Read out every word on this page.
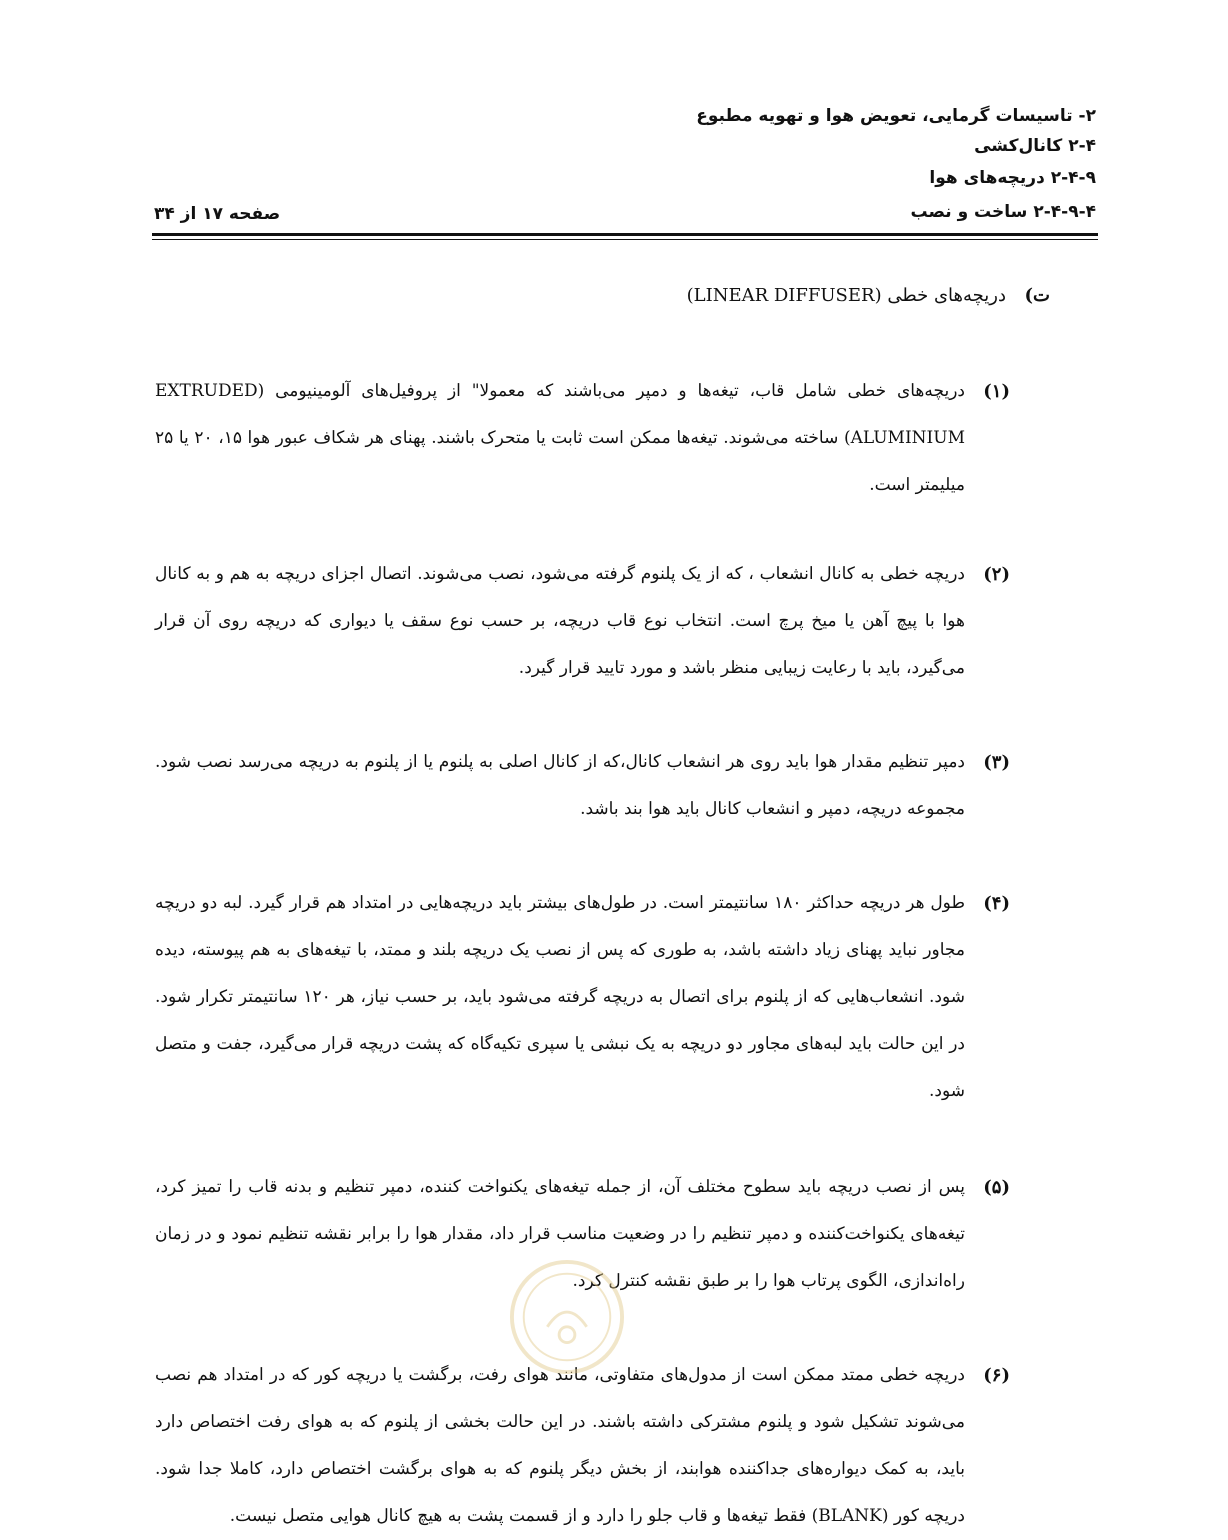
۲- تاسیسات گرمایی، تعویض هوا و تهویه مطبوع
۲-۴ کانال‌کشی
۲-۴-۹ دریچه‌های هوا
۲-۴-۹-۴ ساخت و نصب
صفحه ۱۷ از ۳۴
ت)
دریچه‌های خطی (LINEAR DIFFUSER)
(۱)

دریچه‌های خطی شامل قاب، تیغه‌ها و دمپر می‌باشند که معمولا" از پروفیل‌های آلومینیومی (EXTRUDED ALUMINIUM) ساخته می‌شوند. تیغه‌ها ممکن است ثابت یا متحرک باشند. پهنای هر شکاف عبور هوا ۱۵، ۲۰ یا ۲۵ میلیمتر است.

(۲)

دریچه خطی به کانال انشعاب ، که از یک پلنوم گرفته می‌شود، نصب می‌شوند. اتصال اجزای دریچه به هم و به کانال هوا با پیچ آهن یا میخ پرچ است. انتخاب نوع قاب دریچه، بر حسب نوع سقف یا دیواری که دریچه روی آن قرار می‌گیرد، باید با رعایت زیبایی منظر باشد و مورد تایید قرار گیرد.

(۳)

دمپر تنظیم مقدار هوا باید روی هر انشعاب کانال،که از کانال اصلی به پلنوم یا از پلنوم به دریچه می‌رسد نصب شود. مجموعه دریچه، دمپر و انشعاب کانال باید هوا بند باشد.

(۴)

طول هر دریچه حداکثر ۱۸۰ سانتیمتر است. در طول‌های بیشتر باید دریچه‌هایی در امتداد هم قرار گیرد. لبه دو دریچه مجاور نباید پهنای زیاد داشته باشد، به طوری که پس از نصب یک دریچه بلند و ممتد، با تیغه‌های به هم پیوسته، دیده شود. انشعاب‌هایی که از پلنوم برای اتصال به دریچه گرفته می‌شود باید، بر حسب نیاز، هر ۱۲۰ سانتیمتر تکرار شود. در این حالت باید لبه‌های مجاور دو دریچه به یک نبشی یا سپری تکیه‌گاه که پشت دریچه قرار می‌گیرد، جفت و متصل شود.

(۵)

پس از نصب دریچه باید سطوح مختلف آن، از جمله تیغه‌های یکنواخت کننده، دمپر تنظیم و بدنه قاب را تمیز کرد، تیغه‌های یکنواخت‌کننده و دمپر تنظیم را در وضعیت مناسب قرار داد، مقدار هوا را برابر نقشه تنظیم نمود و در زمان راه‌اندازی، الگوی پرتاب هوا را بر طبق نقشه کنترل کرد.

(۶)

دریچه خطی ممتد ممکن است از مدول‌های متفاوتی، مانند هوای رفت، برگشت یا دریچه کور که در امتداد هم نصب می‌شوند تشکیل شود و پلنوم مشترکی داشته باشند. در این حالت بخشی از پلنوم که به هوای رفت اختصاص دارد باید، به کمک دیواره‌های جداکننده هوابند، از بخش دیگر پلنوم که به هوای برگشت اختصاص دارد، کاملا جدا شود. دریچه کور (BLANK) فقط تیغه‌ها و قاب جلو را دارد و از قسمت پشت به هیچ کانال هوایی متصل نیست.
